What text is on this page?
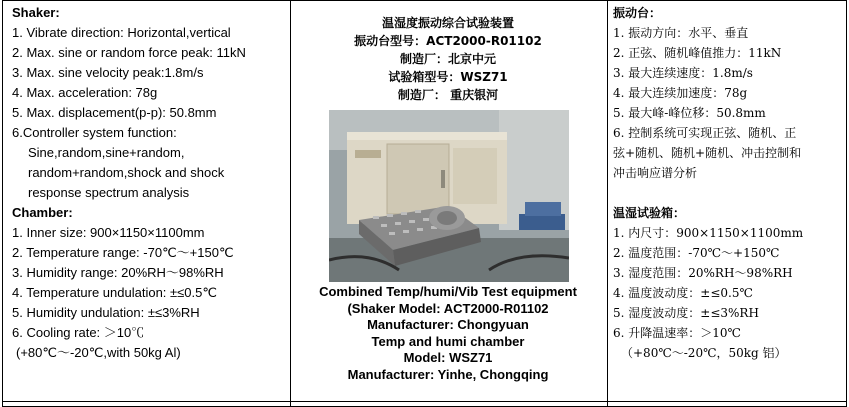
Shaker:
1. Vibrate direction: Horizontal,vertical
2. Max. sine or random force peak: 11kN
3. Max. sine velocity peak:1.8m/s
4. Max. acceleration: 78g
5. Max. displacement(p-p): 50.8mm
6.Controller system function:
Sine,random,sine+random,
random+random,shock and shock
response spectrum analysis
Chamber:
1. Inner size: 900×1150×1100mm
2. Temperature range: -70℃～+150℃
3. Humidity range: 20%RH～98%RH
4. Temperature undulation: ±≤0.5℃
5. Humidity undulation: ±≤3%RH
6. Cooling rate: ＞10℃
(+80℃～-20℃,with 50kg Al)
温湿度振动综合试验装置
振动台型号：ACT2000-R01102
制造厂：北京中元
试验箱型号：WSZ71
制造厂： 重庆银河
Combined Temp/humi/Vib Test equipment
(Shaker Model: ACT2000-R01102
Manufacturer: Chongyuan
Temp and humi chamber
Model: WSZ71
Manufacturer: Yinhe, Chongqing
振动台：
1. 振动方向：水平、垂直
2. 正弦、随机峰值推力：11kN
3. 最大连续速度：1.8m/s
4. 最大连续加速度：78g
5. 最大峰-峰位移：50.8mm
6. 控制系统可实现正弦、随机、正
弦+随机、随机+随机、冲击控制和
冲击响应谱分析
温湿试验箱：
1. 内尺寸：900×1150×1100mm
2. 温度范围：-70℃～+150℃
3. 湿度范围：20%RH～98%RH
4. 温度波动度：±≤0.5℃
5. 湿度波动度：±≤3%RH
6. 升降温速率：＞10℃
（+80℃～-20℃，50kg 铝）
